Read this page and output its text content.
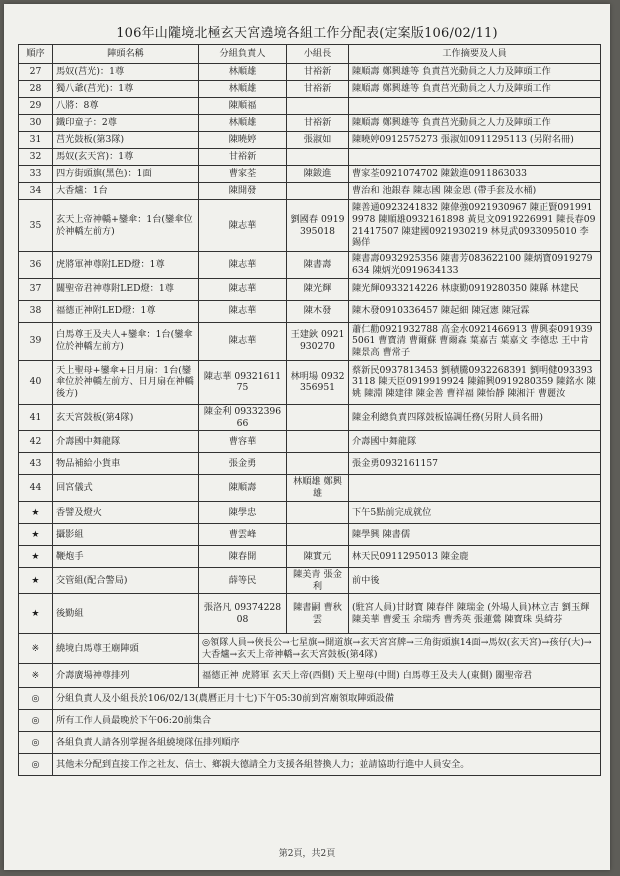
106年山隴境北極玄天宮遶境各組工作分配表(定案版106/02/11)
順序	陣頭名稱	分組負責人	小組長	工作摘要及人員
27	馬奴(莒光)：1尊	林順雄	甘裕新	陳順壽 鄭興雄等 負責莒光動員之人力及陣頭工作
28	獨八爺(莒光)：1尊	林順雄	甘裕新	陳順壽 鄭興雄等 負責莒光動員之人力及陣頭工作
29	八將：8尊	陳順福		
30	鐵印童子：2尊	林順雄	甘裕新	陳順壽 鄭興雄等 負責莒光動員之人力及陣頭工作
31	莒光鼓板(第3隊)	陳曉婷	張淑如	陳曉婷0912575273 張淑如0911295113 (另附名冊)
32	馬奴(玄天宮)：1尊	甘裕新		
33	四方街頭旗(黑色)：1面	曹家荃	陳鈸進	曹家荃0921074702 陳鈸進0911863033
34	大香爐：1台	陳開發		曹治和 池銀春 陳志國 陳金恩 (帶手套及水桶)
35	玄天上帝神轎+鑾傘：1台(鑾傘位於神轎左前方)	陳志華	劉國春 0919395018	陳善通0923241832 陳偉強0921930967 陳正賢0919919978 陳順雄0932161898 黃見文0919226991 陳長春0921417507 陳建國0921930219 林見武0933095010 李錫佯
36	虎將軍神尊附LED燈：1尊	陳志華	陳書壽	陳書壽0932925356 陳書芳083622100 陳炳寶0919279634 陳炳光0919634133
37	關聖帝君神尊附LED燈：1尊	陳志華	陳光輝	陳光輝0933214226 林康勤0919280350 陳縣 林建民
38	福德正神附LED燈：1尊	陳志華	陳木發	陳木發0910336457 陳起細 陳冠憲 陳冠霖
39	白馬尊王及夫人+鑾傘：1台(鑾傘位於神轎左前方)	陳志華	王建鈥 0921930270	蕭仁勸0921932788 高金水0921466913 曹興泰0919395061 曹寶清 曹爾蘇 曹爾森 葉嘉吉 葉嘉文 李德忠 王中肯 陳景高 曹常子
40	天上聖母+鑾傘+日月扇：1台(鑾傘位於神轎左前方、日月扇在神轎後方)	陳志華 0932161175	林明場 0932356951	蔡新民0937813453 劉積騰0932268391 劉明健0933933118 陳天臣0919919924 陳錦興0919280359 陳銘水 陳姚 陳淵 陳建律 陳金善 曹祥福 陳怡靜 陳湘汗 曹麗汝
41	玄天宮鼓板(第4隊)	陳金利 0933239666		陳金利總負責四隊鼓板協調任務(另附人員名冊)
42	介壽國中舞龍隊	曹容華		介壽國中舞龍隊
43	物品補給小貨車	張金勇		張金勇0932161157
44	回宮儀式	陳順壽	林順雄 鄭興雄	
★	香譬及燈火	陳學忠		下午5點前完成就位
★	攝影組	曹雲峰		陳學興 陳書儒
★	鞭炮手	陳春開	陳實元	林天民0911295013 陳金鹿
★	交管組(配合警局)	薛等民	陳美青 張金利	前中後
★	後勤組	張洛凡 0937422808	陳書嗣 曹秋雲	(駐宮人員)甘財寶 陳春伴 陳瑞金 (外場人員)林立吉 劉玉輝 陳美華 曹愛玉 余瑞秀 曹秀英 張蓮鶯 陳寶珠 吳綺芬
※	繞境白馬尊王廟陣頭	◎領隊人員→俠長公→七星旗→開道旗→玄天宮宮牌→三角街頭旗14面→馬奴(玄天宮)→孩仔(大)→大香爐→玄天上帝神轎→玄天宮鼓板(第4隊)		
※	介壽廣場神尊排列	福德正神 虎將軍 玄天上帝(西側) 天上聖母(中間) 白馬尊王及夫人(東側) 關聖帝君		
◎	分組負責人及小組長於106/02/13(農曆正月十七)下午05:30前到宮廟領取陣頭設備			
◎	所有工作人員最晚於下午06:20前集合			
◎	各組負責人請各別掌握各組繞境隊伍排列順序			
◎	其他未分配到直接工作之社友、信士、鄉親大德請全力支援各組替換人力；並請協助行進中人員安全。			
第2頁，共2頁
